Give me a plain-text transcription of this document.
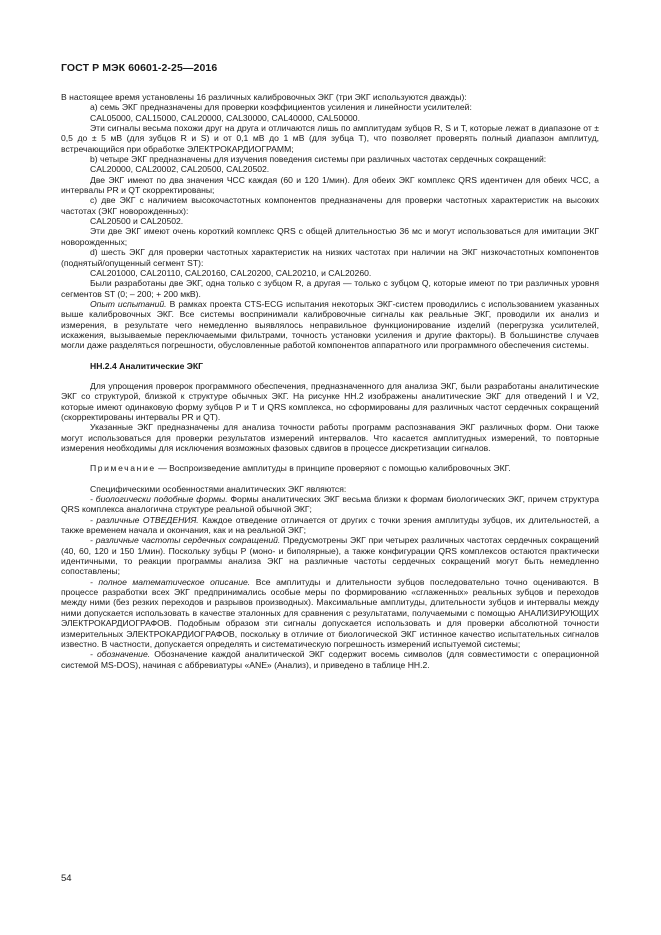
ГОСТ Р МЭК 60601-2-25—2016

В настоящее время установлены 16 различных калибровочных ЭКГ (три ЭКГ используются дважды):

a) семь ЭКГ предназначены для проверки коэффициентов усиления и линейности усилителей:

CAL05000, CAL15000, CAL20000, CAL30000, CAL40000, CAL50000.

Эти сигналы весьма похожи друг на друга и отличаются лишь по амплитудам зубцов R, S и T, которые лежат в диапазоне от ± 0,5 до ± 5 мВ (для зубцов R и S) и от 0,1 мВ до 1 мВ (для зубца T), что позволяет проверять полный диапазон амплитуд, встречающийся при обработке ЭЛЕКТРОКАРДИОГРАММ;

b) четыре ЭКГ предназначены для изучения поведения системы при различных частотах сердечных сокращений:

CAL20000, CAL20002, CAL20500, CAL20502.

Две ЭКГ имеют по два значения ЧСС каждая (60 и 120 1/мин). Для обеих ЭКГ комплекс QRS идентичен для обеих ЧСС, а интервалы PR и QT скорректированы;

c) две ЭКГ с наличием высокочастотных компонентов предназначены для проверки частотных характеристик на высоких частотах (ЭКГ новорожденных):

CAL20500 и CAL20502.

Эти две ЭКГ имеют очень короткий комплекс QRS с общей длительностью 36 мс и могут использоваться для имитации ЭКГ новорожденных;

d) шесть ЭКГ для проверки частотных характеристик на низких частотах при наличии на ЭКГ низкочастотных компонентов (поднятый/опущенный сегмент ST):

CAL201000, CAL20110, CAL20160, CAL20200, CAL20210, и CAL20260.

Были разработаны две ЭКГ, одна только с зубцом R, а другая — только с зубцом Q, которые имеют по три различных уровня сегментов ST (0; – 200; + 200 мкВ).

Опыт испытаний. В рамках проекта CTS-ECG испытания некоторых ЭКГ-систем проводились с использованием указанных выше калибровочных ЭКГ. Все системы воспринимали калибровочные сигналы как реальные ЭКГ, проводили их анализ и измерения, в результате чего немедленно выявлялось неправильное функционирование изделий (перегрузка усилителей, искажения, вызываемые переключаемыми фильтрами, точность установки усиления и другие факторы). В большинстве случаев могли даже разделяться погрешности, обусловленные работой компонентов аппаратного или программного обеспечения системы.

НН.2.4 Аналитические ЭКГ

Для упрощения проверок программного обеспечения, предназначенного для анализа ЭКГ, были разработаны аналитические ЭКГ со структурой, близкой к структуре обычных ЭКГ. На рисунке НН.2 изображены аналитические ЭКГ для отведений I и V2, которые имеют одинаковую форму зубцов P и T и QRS комплекса, но сформированы для различных частот сердечных сокращений (скорректированы интервалы PR и QT).

Указанные ЭКГ предназначены для анализа точности работы программ распознавания ЭКГ различных форм. Они также могут использоваться для проверки результатов измерений интервалов. Что касается амплитудных измерений, то повторные измерения необходимы для исключения возможных фазовых сдвигов в процессе дискретизации сигналов.

Примечание — Воспроизведение амплитуды в принципе проверяют с помощью калибровочных ЭКГ.

Специфическими особенностями аналитических ЭКГ являются:

- биологически подобные формы. Формы аналитических ЭКГ весьма близки к формам биологических ЭКГ, причем структура QRS комплекса аналогична структуре реальной обычной ЭКГ;

- различные ОТВЕДЕНИЯ. Каждое отведение отличается от других с точки зрения амплитуды зубцов, их длительностей, а также временем начала и окончания, как и на реальной ЭКГ;

- различные частоты сердечных сокращений. Предусмотрены ЭКГ при четырех различных частотах сердечных сокращений (40, 60, 120 и 150 1/мин). Поскольку зубцы P (моно- и биполярные), а также конфигурации QRS комплексов остаются практически идентичными, то реакции программы анализа ЭКГ на различные частоты сердечных сокращений могут быть немедленно сопоставлены;

- полное математическое описание. Все амплитуды и длительности зубцов последовательно точно оцениваются. В процессе разработки всех ЭКГ предпринимались особые меры по формированию «сглаженных» реальных зубцов и переходов между ними (без резких переходов и разрывов производных). Максимальные амплитуды, длительности зубцов и интервалы между ними допускается использовать в качестве эталонных для сравнения с результатами, получаемыми с помощью АНАЛИЗИРУЮЩИХ ЭЛЕКТРОКАРДИОГРАФОВ. Подобным образом эти сигналы допускается использовать и для проверки абсолютной точности измерительных ЭЛЕКТРОКАРДИОГРАФОВ, поскольку в отличие от биологической ЭКГ истинное качество испытательных сигналов известно. В частности, допускается определять и систематическую погрешность измерений испытуемой системы;

- обозначение. Обозначение каждой аналитической ЭКГ содержит восемь символов (для совместимости с операционной системой MS-DOS), начиная с аббревиатуры «ANE» (Анализ), и приведено в таблице НН.2.

54
